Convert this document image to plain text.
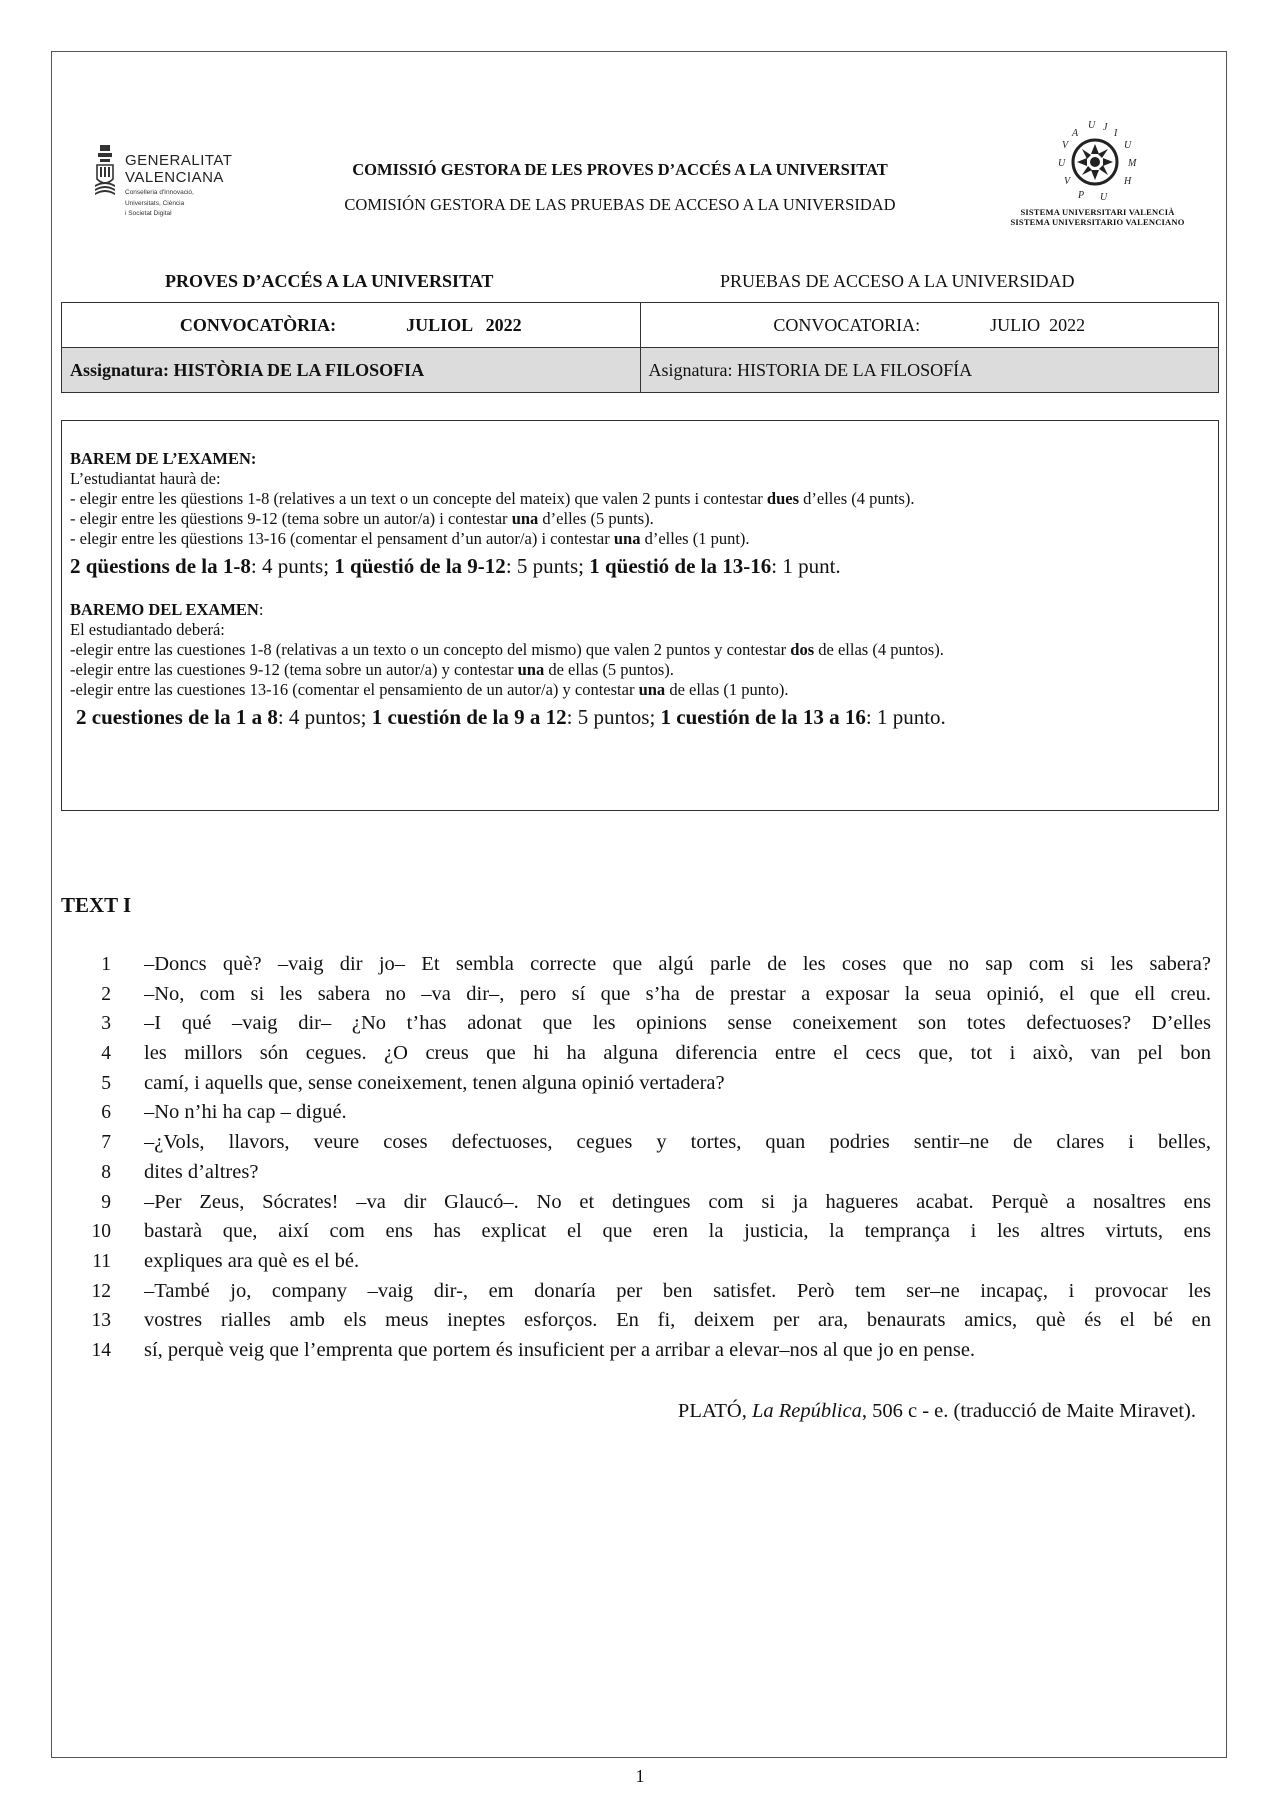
GENERALITAT
VALENCIANA
Conselleria d'Innovació,
Universitats, Ciència
i Societat Digital
COMISSIÓ GESTORA DE LES PROVES D’ACCÉS A LA UNIVERSITAT
COMISIÓN GESTORA DE LAS PRUEBAS DE ACCESO A LA UNIVERSIDAD
U J
I
A
V
U
U
M
H
V
P U
SISTEMA UNIVERSITARI VALENCIÀ
SISTEMA UNIVERSITARIO VALENCIANO
PROVES D’ACCÉS A LA UNIVERSITAT	PRUEBAS DE ACCESO A LA UNIVERSIDAD
CONVOCATÒRIA: JULIOL   2022	CONVOCATORIA: JULIO  2022

Assignatura: HISTÒRIA DE LA FILOSOFIA	Asignatura: HISTORIA DE LA FILOSOFÍA

BAREM DE L’EXAMEN:

L’estudiantat haurà de:

- elegir entre les qüestions 1-8 (relatives a un text o un concepte del mateix) que valen 2 punts i contestar dues d’elles (4 punts).

- elegir entre les qüestions 9-12 (tema sobre un autor/a) i contestar una d’elles (5 punts).

- elegir entre les qüestions 13-16 (comentar el pensament d’un autor/a) i contestar una d’elles (1 punt).

2 qüestions de la 1-8: 4 punts; 1 qüestió de la 9-12: 5 punts; 1 qüestió de la 13-16: 1 punt.

BAREMO DEL EXAMEN:

El estudiantado deberá:

-elegir entre las cuestiones 1-8 (relativas a un texto o un concepto del mismo) que valen 2 puntos y contestar dos de ellas (4 puntos).

-elegir entre las cuestiones 9-12 (tema sobre un autor/a) y contestar una de ellas (5 puntos).

-elegir entre las cuestiones 13-16 (comentar el pensamiento de un autor/a) y contestar una de ellas (1 punto).

2 cuestiones de la 1 a 8: 4 puntos; 1 cuestión de la 9 a 12: 5 puntos; 1 cuestión de la 13 a 16: 1 punto.

TEXT I
1 –Doncs què? –vaig dir jo– Et sembla correcte que algú parle de les coses que no sap com si les sabera?
2 –No, com si les sabera no –va dir–, pero sí que s’ha de prestar a exposar la seua opinió, el que ell creu.
3 –I qué –vaig dir– ¿No t’has adonat que les opinions sense coneixement son totes defectuoses? D’elles
4 les millors són cegues. ¿O creus que hi ha alguna diferencia entre el cecs que, tot i això, van pel bon
5 camí, i aquells que, sense coneixement, tenen alguna opinió vertadera?
6 –No n’hi ha cap – digué.
7 –¿Vols, llavors, veure coses defectuoses, cegues y tortes, quan podries sentir–ne de clares i belles,
8 dites d’altres?
9 –Per Zeus, Sócrates! –va dir Glaucó–. No et detingues com si ja hagueres acabat. Perquè a nosaltres ens
10 bastarà que, així com ens has explicat el que eren la justicia, la temprança i les altres virtuts, ens
11 expliques ara què es el bé.
12 –També jo, company –vaig dir-, em donaría per ben satisfet. Però tem ser–ne incapaç, i provocar les
13 vostres rialles amb els meus ineptes esforços. En fi, deixem per ara, benaurats amics, què és el bé en
14 sí, perquè veig que l’emprenta que portem és insuficient per a arribar a elevar–nos al que jo en pense.
PLATÓ, La República, 506 c - e. (traducció de Maite Miravet).
1
